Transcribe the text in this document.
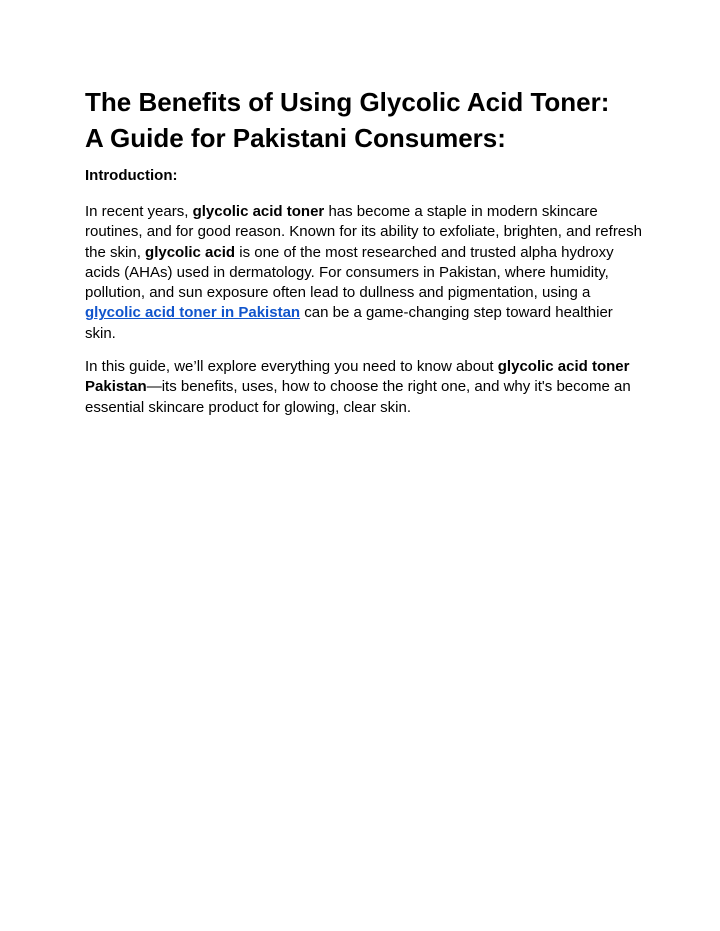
The Benefits of Using Glycolic Acid Toner:
A Guide for Pakistani Consumers:
Introduction:

In recent years, glycolic acid toner has become a staple in modern skincare routines, and for good reason. Known for its ability to exfoliate, brighten, and refresh the skin, glycolic acid is one of the most researched and trusted alpha hydroxy acids (AHAs) used in dermatology. For consumers in Pakistan, where humidity, pollution, and sun exposure often lead to dullness and pigmentation, using a glycolic acid toner in Pakistan can be a game-changing step toward healthier skin.

In this guide, we’ll explore everything you need to know about glycolic acid toner Pakistan—its benefits, uses, how to choose the right one, and why it's become an essential skincare product for glowing, clear skin.
